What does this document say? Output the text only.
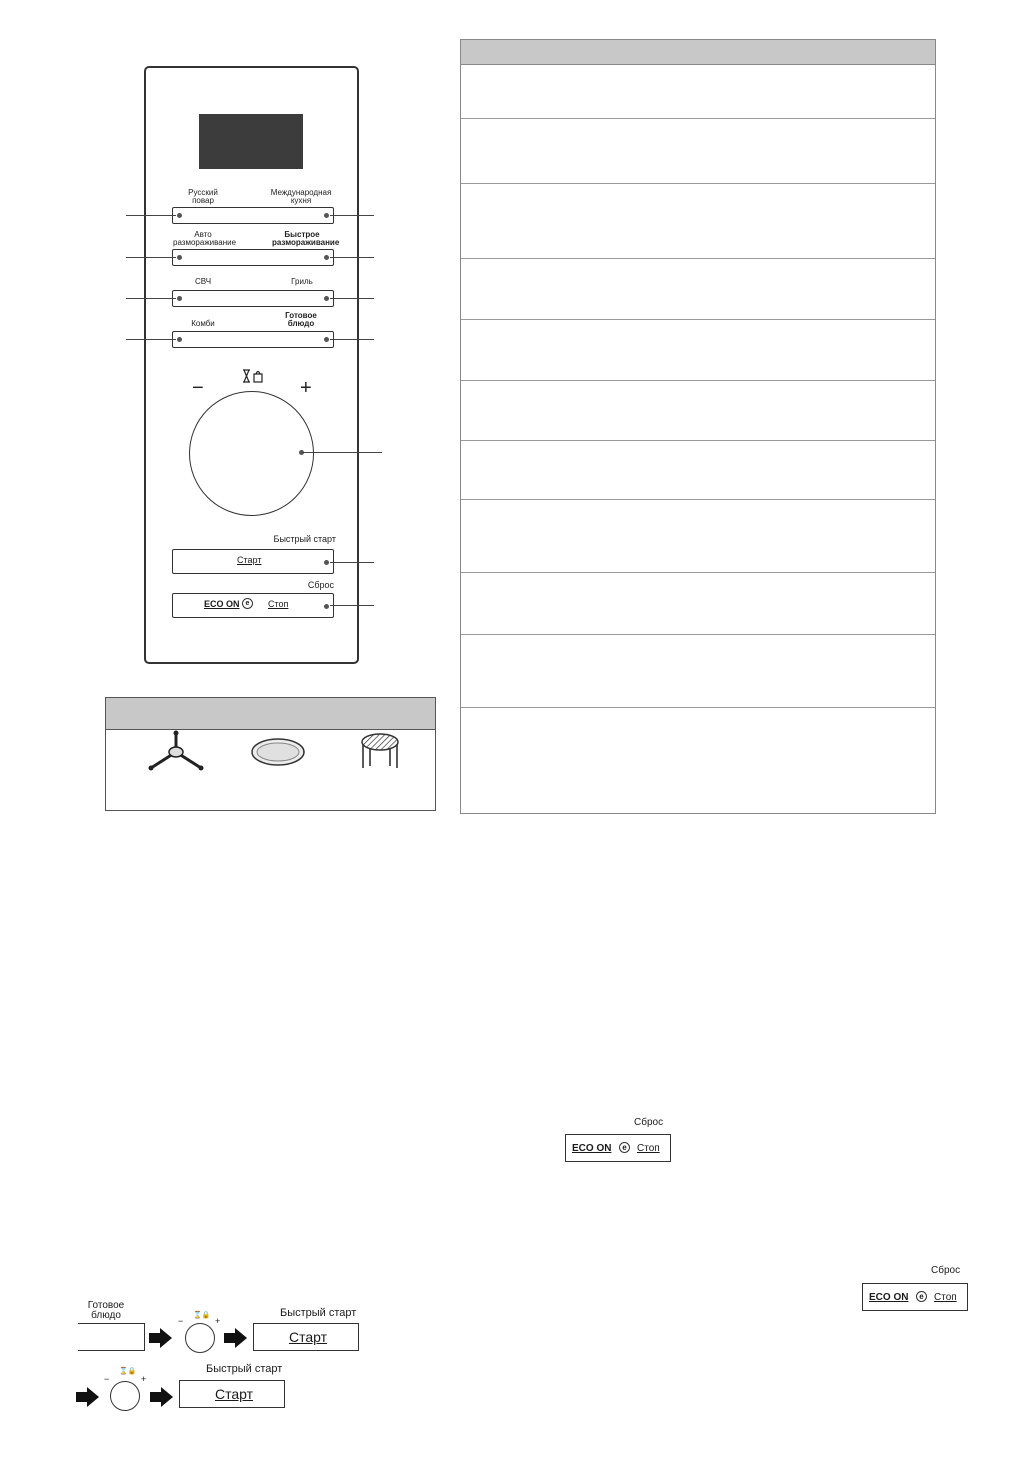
Русский
повар
Международная
кухня
Авто
размораживание
Быстрое
размораживание
СВЧ	Гриль
Комби
Готовое
блюдо
−	+
Быстрый старт
Старт
Сброс
ECO ON e	Стоп
Сброс
ECO ON	e	Стоп
Сброс
ECO ON	e	Стоп
Готовое
блюдо	−
⌛🔒
+
Быстрый старт
Старт
−
⌛🔒
+
Быстрый старт
Старт
